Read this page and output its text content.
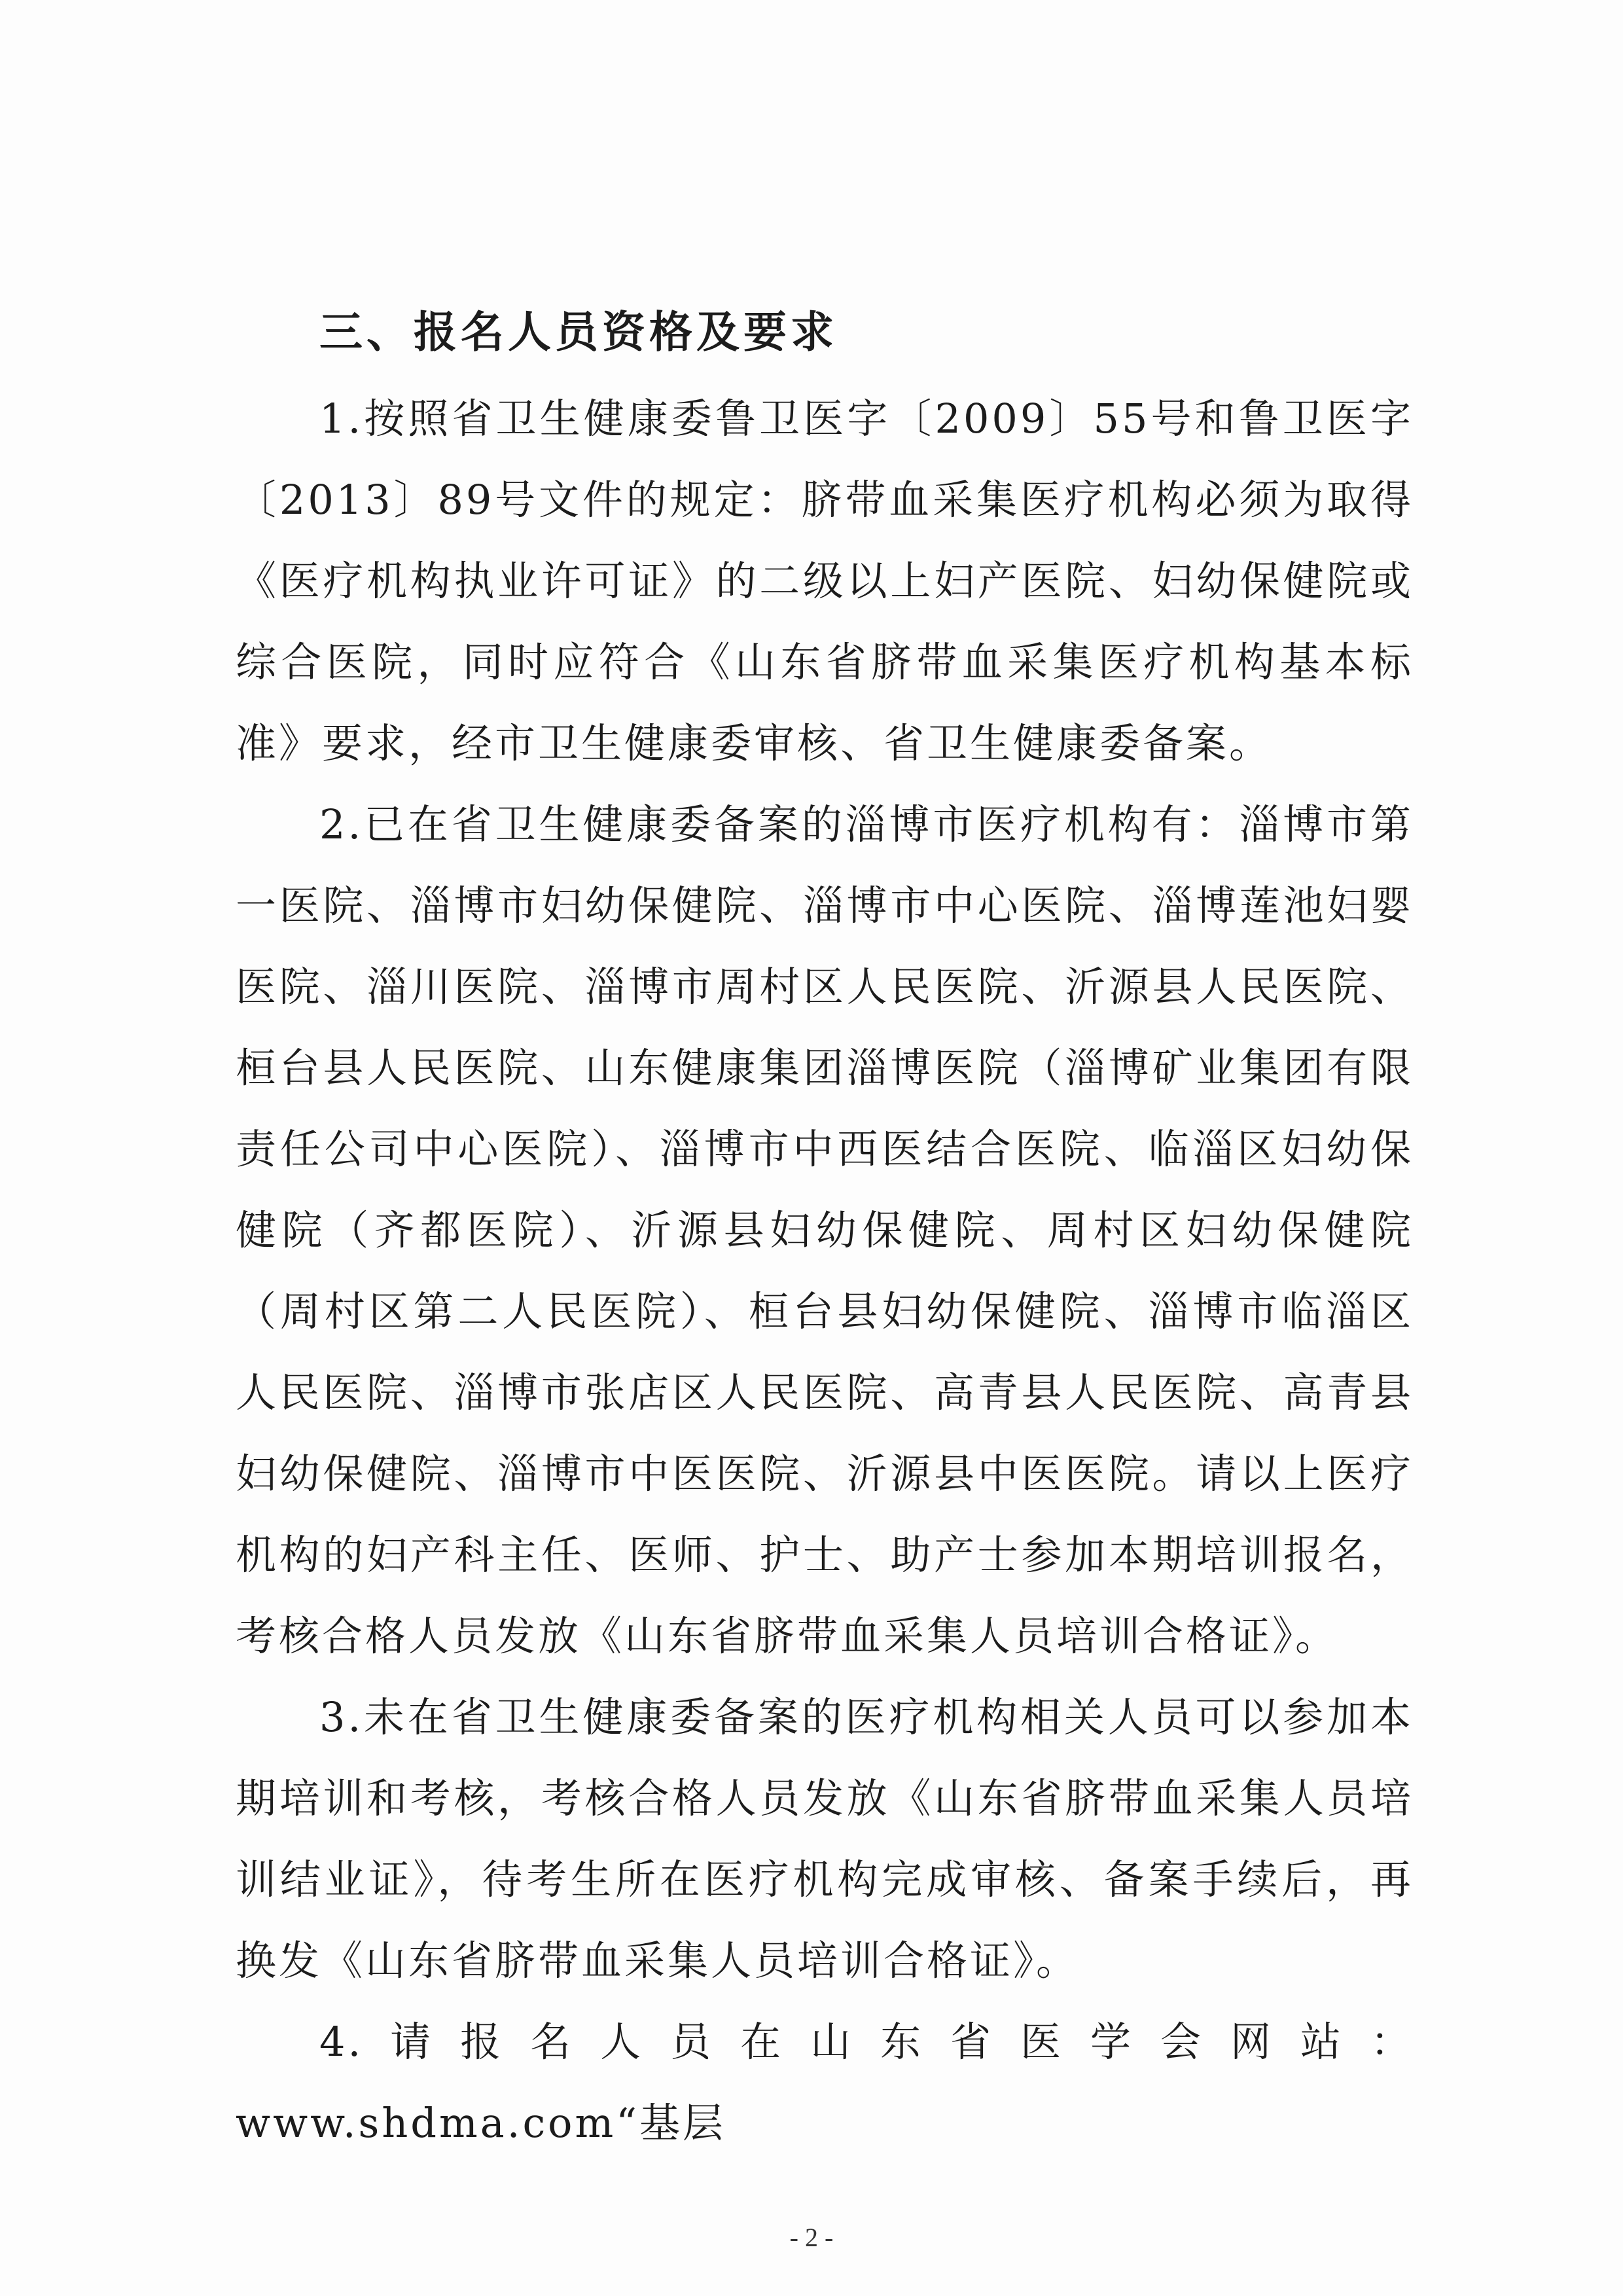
三、报名人员资格及要求

1.按照省卫生健康委鲁卫医字〔2009〕55号和鲁卫医字〔2013〕89号文件的规定：脐带血采集医疗机构必须为取得《医疗机构执业许可证》的二级以上妇产医院、妇幼保健院或综合医院，同时应符合《山东省脐带血采集医疗机构基本标准》要求，经市卫生健康委审核、省卫生健康委备案。

2.已在省卫生健康委备案的淄博市医疗机构有：淄博市第一医院、淄博市妇幼保健院、淄博市中心医院、淄博莲池妇婴医院、淄川医院、淄博市周村区人民医院、沂源县人民医院、桓台县人民医院、山东健康集团淄博医院（淄博矿业集团有限责任公司中心医院）、淄博市中西医结合医院、临淄区妇幼保健院（齐都医院）、沂源县妇幼保健院、周村区妇幼保健院（周村区第二人民医院）、桓台县妇幼保健院、淄博市临淄区人民医院、淄博市张店区人民医院、高青县人民医院、高青县妇幼保健院、淄博市中医医院、沂源县中医医院。请以上医疗机构的妇产科主任、医师、护士、助产士参加本期培训报名，考核合格人员发放《山东省脐带血采集人员培训合格证》。

3.未在省卫生健康委备案的医疗机构相关人员可以参加本期培训和考核，考核合格人员发放《山东省脐带血采集人员培训结业证》，待考生所在医疗机构完成审核、备案手续后，再换发《山东省脐带血采集人员培训合格证》。

4.请报名人员在山东省医学会网站：www.shdma.com“基层

- 2 -
